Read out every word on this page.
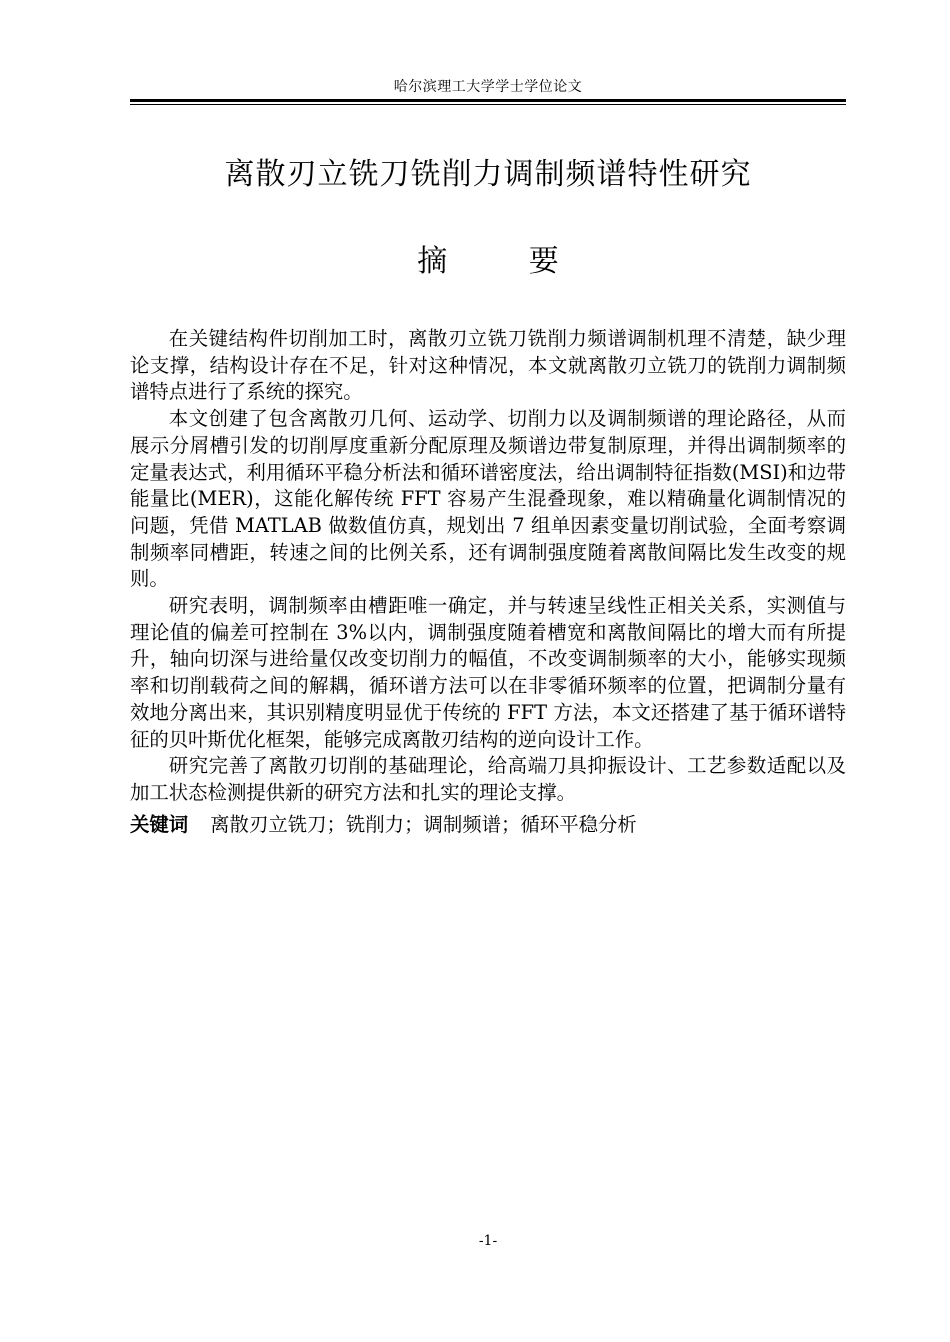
哈尔滨理工大学学士学位论文
离散刃立铣刀铣削力调制频谱特性研究
摘 要

在关键结构件切削加工时，离散刃立铣刀铣削力频谱调制机理不清楚，缺少理论支撑，结构设计存在不足，针对这种情况，本文就离散刃立铣刀的铣削力调制频谱特点进行了系统的探究。

本文创建了包含离散刃几何、运动学、切削力以及调制频谱的理论路径，从而展示分屑槽引发的切削厚度重新分配原理及频谱边带复制原理，并得出调制频率的定量表达式，利用循环平稳分析法和循环谱密度法，给出调制特征指数(MSI)和边带能量比(MER)，这能化解传统 FFT 容易产生混叠现象，难以精确量化调制情况的问题，凭借 MATLAB 做数值仿真，规划出 7 组单因素变量切削试验，全面考察调制频率同槽距，转速之间的比例关系，还有调制强度随着离散间隔比发生改变的规则。

研究表明，调制频率由槽距唯一确定，并与转速呈线性正相关关系，实测值与理论值的偏差可控制在 3%以内，调制强度随着槽宽和离散间隔比的增大而有所提升，轴向切深与进给量仅改变切削力的幅值，不改变调制频率的大小，能够实现频率和切削载荷之间的解耦，循环谱方法可以在非零循环频率的位置，把调制分量有效地分离出来，其识别精度明显优于传统的 FFT 方法，本文还搭建了基于循环谱特征的贝叶斯优化框架，能够完成离散刃结构的逆向设计工作。

研究完善了离散刃切削的基础理论，给高端刀具抑振设计、工艺参数适配以及加工状态检测提供新的研究方法和扎实的理论支撑。

关键词 离散刃立铣刀；铣削力；调制频谱；循环平稳分析
-1-
